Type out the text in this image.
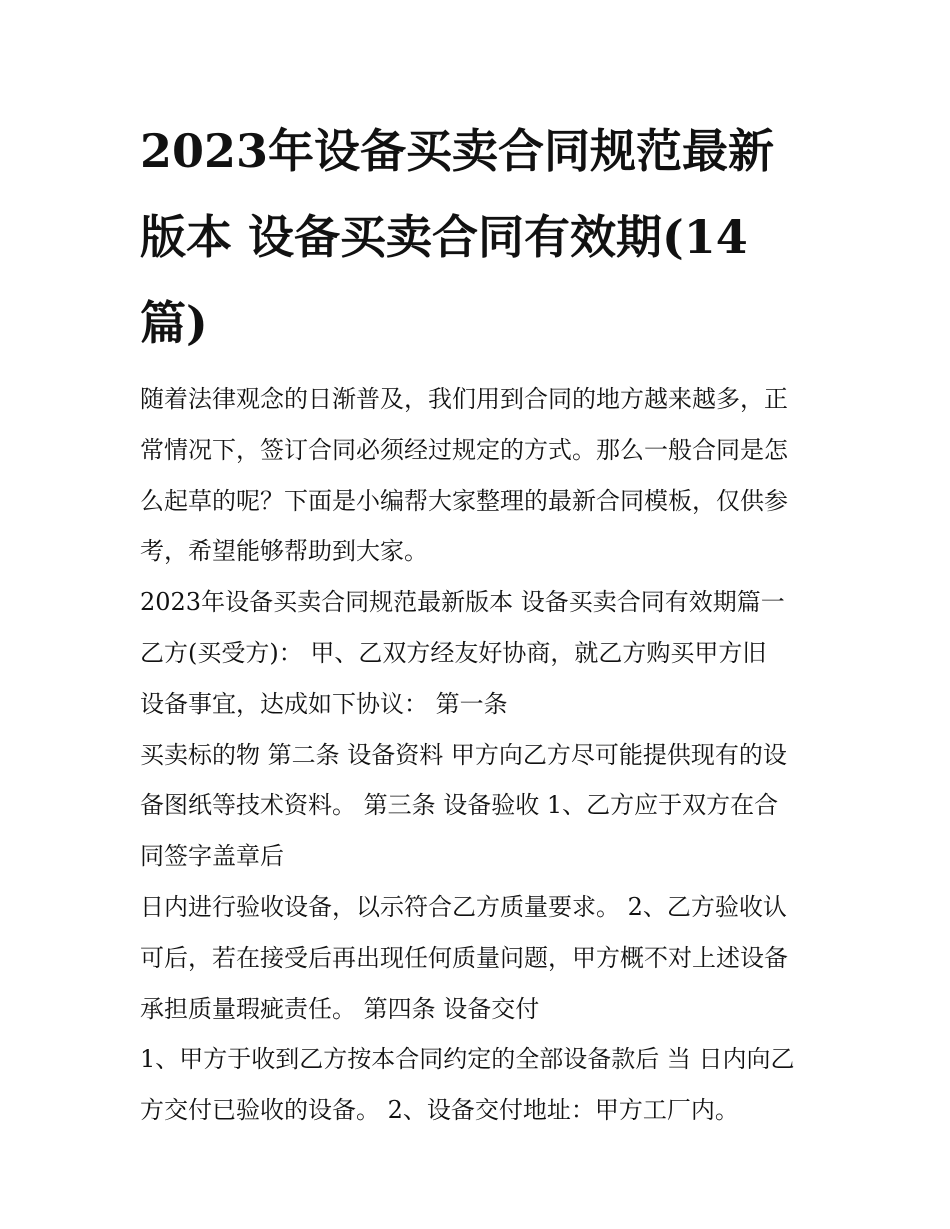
2023年设备买卖合同规范最新
版本 设备买卖合同有效期(14
篇)
随着法律观念的日渐普及，我们用到合同的地方越来越多，正
常情况下，签订合同必须经过规定的方式。那么一般合同是怎
么起草的呢？下面是小编帮大家整理的最新合同模板，仅供参
考，希望能够帮助到大家。
2023年设备买卖合同规范最新版本 设备买卖合同有效期篇一
乙方(买受方)： 甲、乙双方经友好协商，就乙方购买甲方旧
设备事宜，达成如下协议： 第一条
买卖标的物 第二条 设备资料 甲方向乙方尽可能提供现有的设
备图纸等技术资料。 第三条 设备验收 1、乙方应于双方在合
同签字盖章后
日内进行验收设备，以示符合乙方质量要求。 2、乙方验收认
可后，若在接受后再出现任何质量问题，甲方概不对上述设备
承担质量瑕疵责任。 第四条 设备交付
1、甲方于收到乙方按本合同约定的全部设备款后 当 日内向乙
方交付已验收的设备。 2、设备交付地址：甲方工厂内。
